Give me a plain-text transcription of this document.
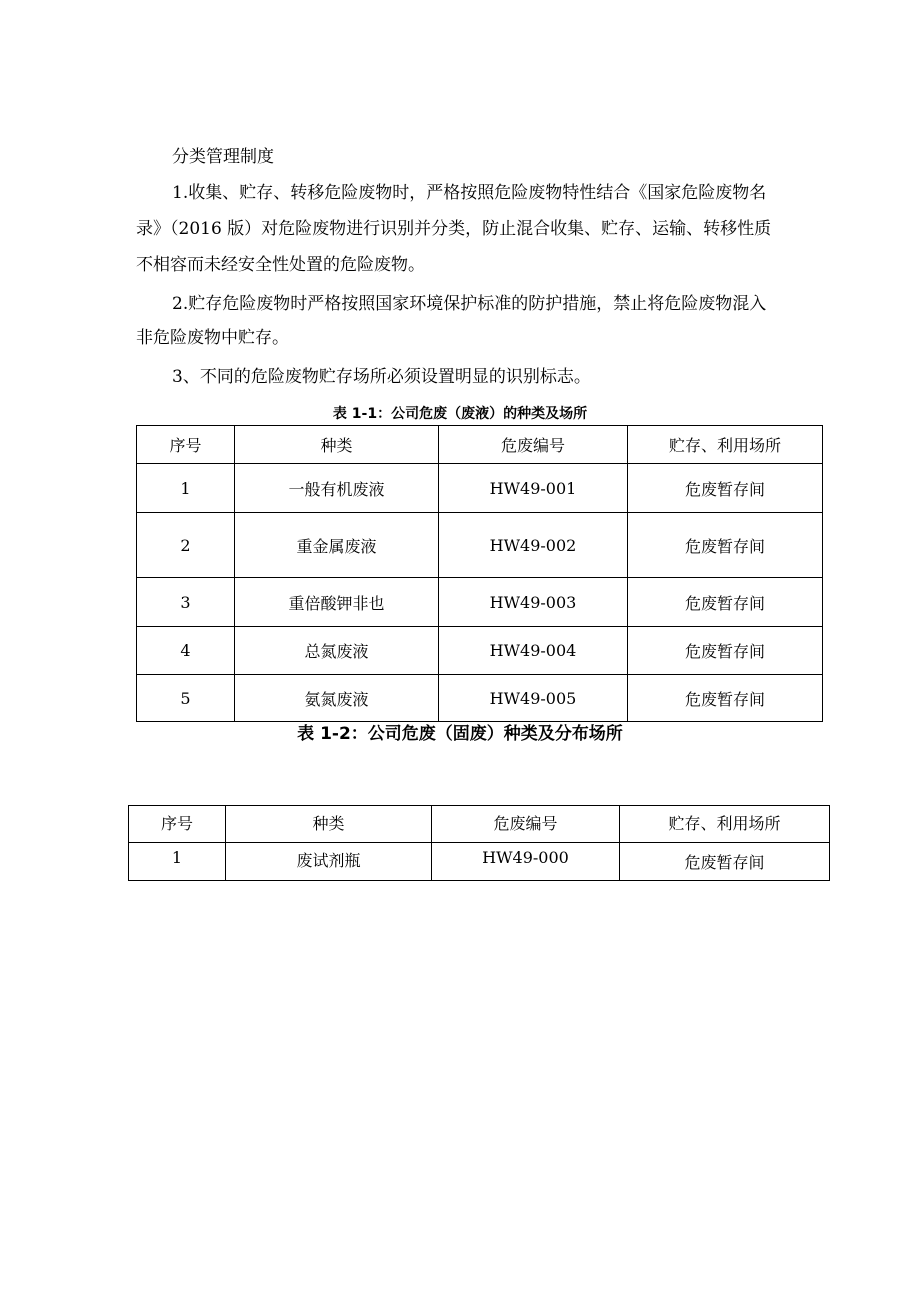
分类管理制度
1.收集、贮存、转移危险废物时，严格按照危险废物特性结合《国家危险废物名
录》（2016 版）对危险废物进行识别并分类，防止混合收集、贮存、运输、转移性质
不相容而未经安全性处置的危险废物。
2.贮存危险废物时严格按照国家环境保护标准的防护措施，禁止将危险废物混入
非危险废物中贮存。
3、不同的危险废物贮存场所必须设置明显的识别标志。
表 1-1：公司危废（废液）的种类及场所
序号	种类	危废编号	贮存、利用场所
1	一般有机废液	HW49-001	危废暂存间
2	重金属废液	HW49-002	危废暂存间
3	重倍酸钾非也	HW49-003	危废暂存间
4	总氮废液	HW49-004	危废暂存间
5	氨氮废液	HW49-005	危废暂存间
表 1-2：公司危废（固废）种类及分布场所
序号	种类	危废编号	贮存、利用场所
1	废试剂瓶	HW49-000	危废暂存间
